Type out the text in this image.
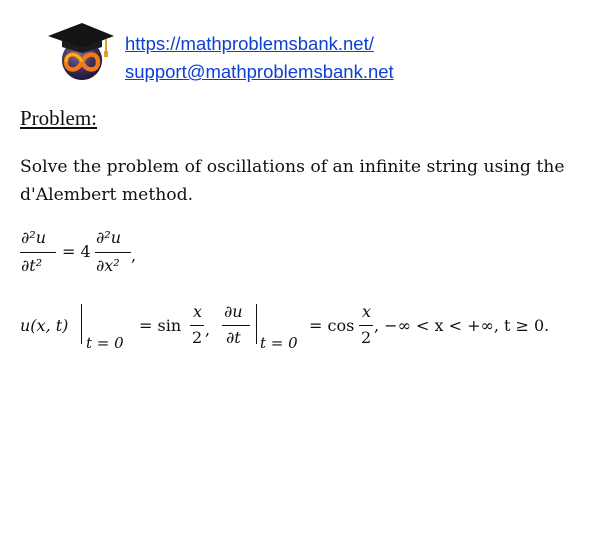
https://mathproblemsbank.net/
support@mathproblemsbank.net
Problem:
Solve the problem of oscillations of an infinite string using the d'Alembert method.
∂²u
∂t²
= 4
∂²u
∂x²
,
u(x, t)
t = 0
= sin
x
2 ,
∂u
∂t t = 0
= cos
x
2
, −∞ < x < +∞, t ≥ 0.
